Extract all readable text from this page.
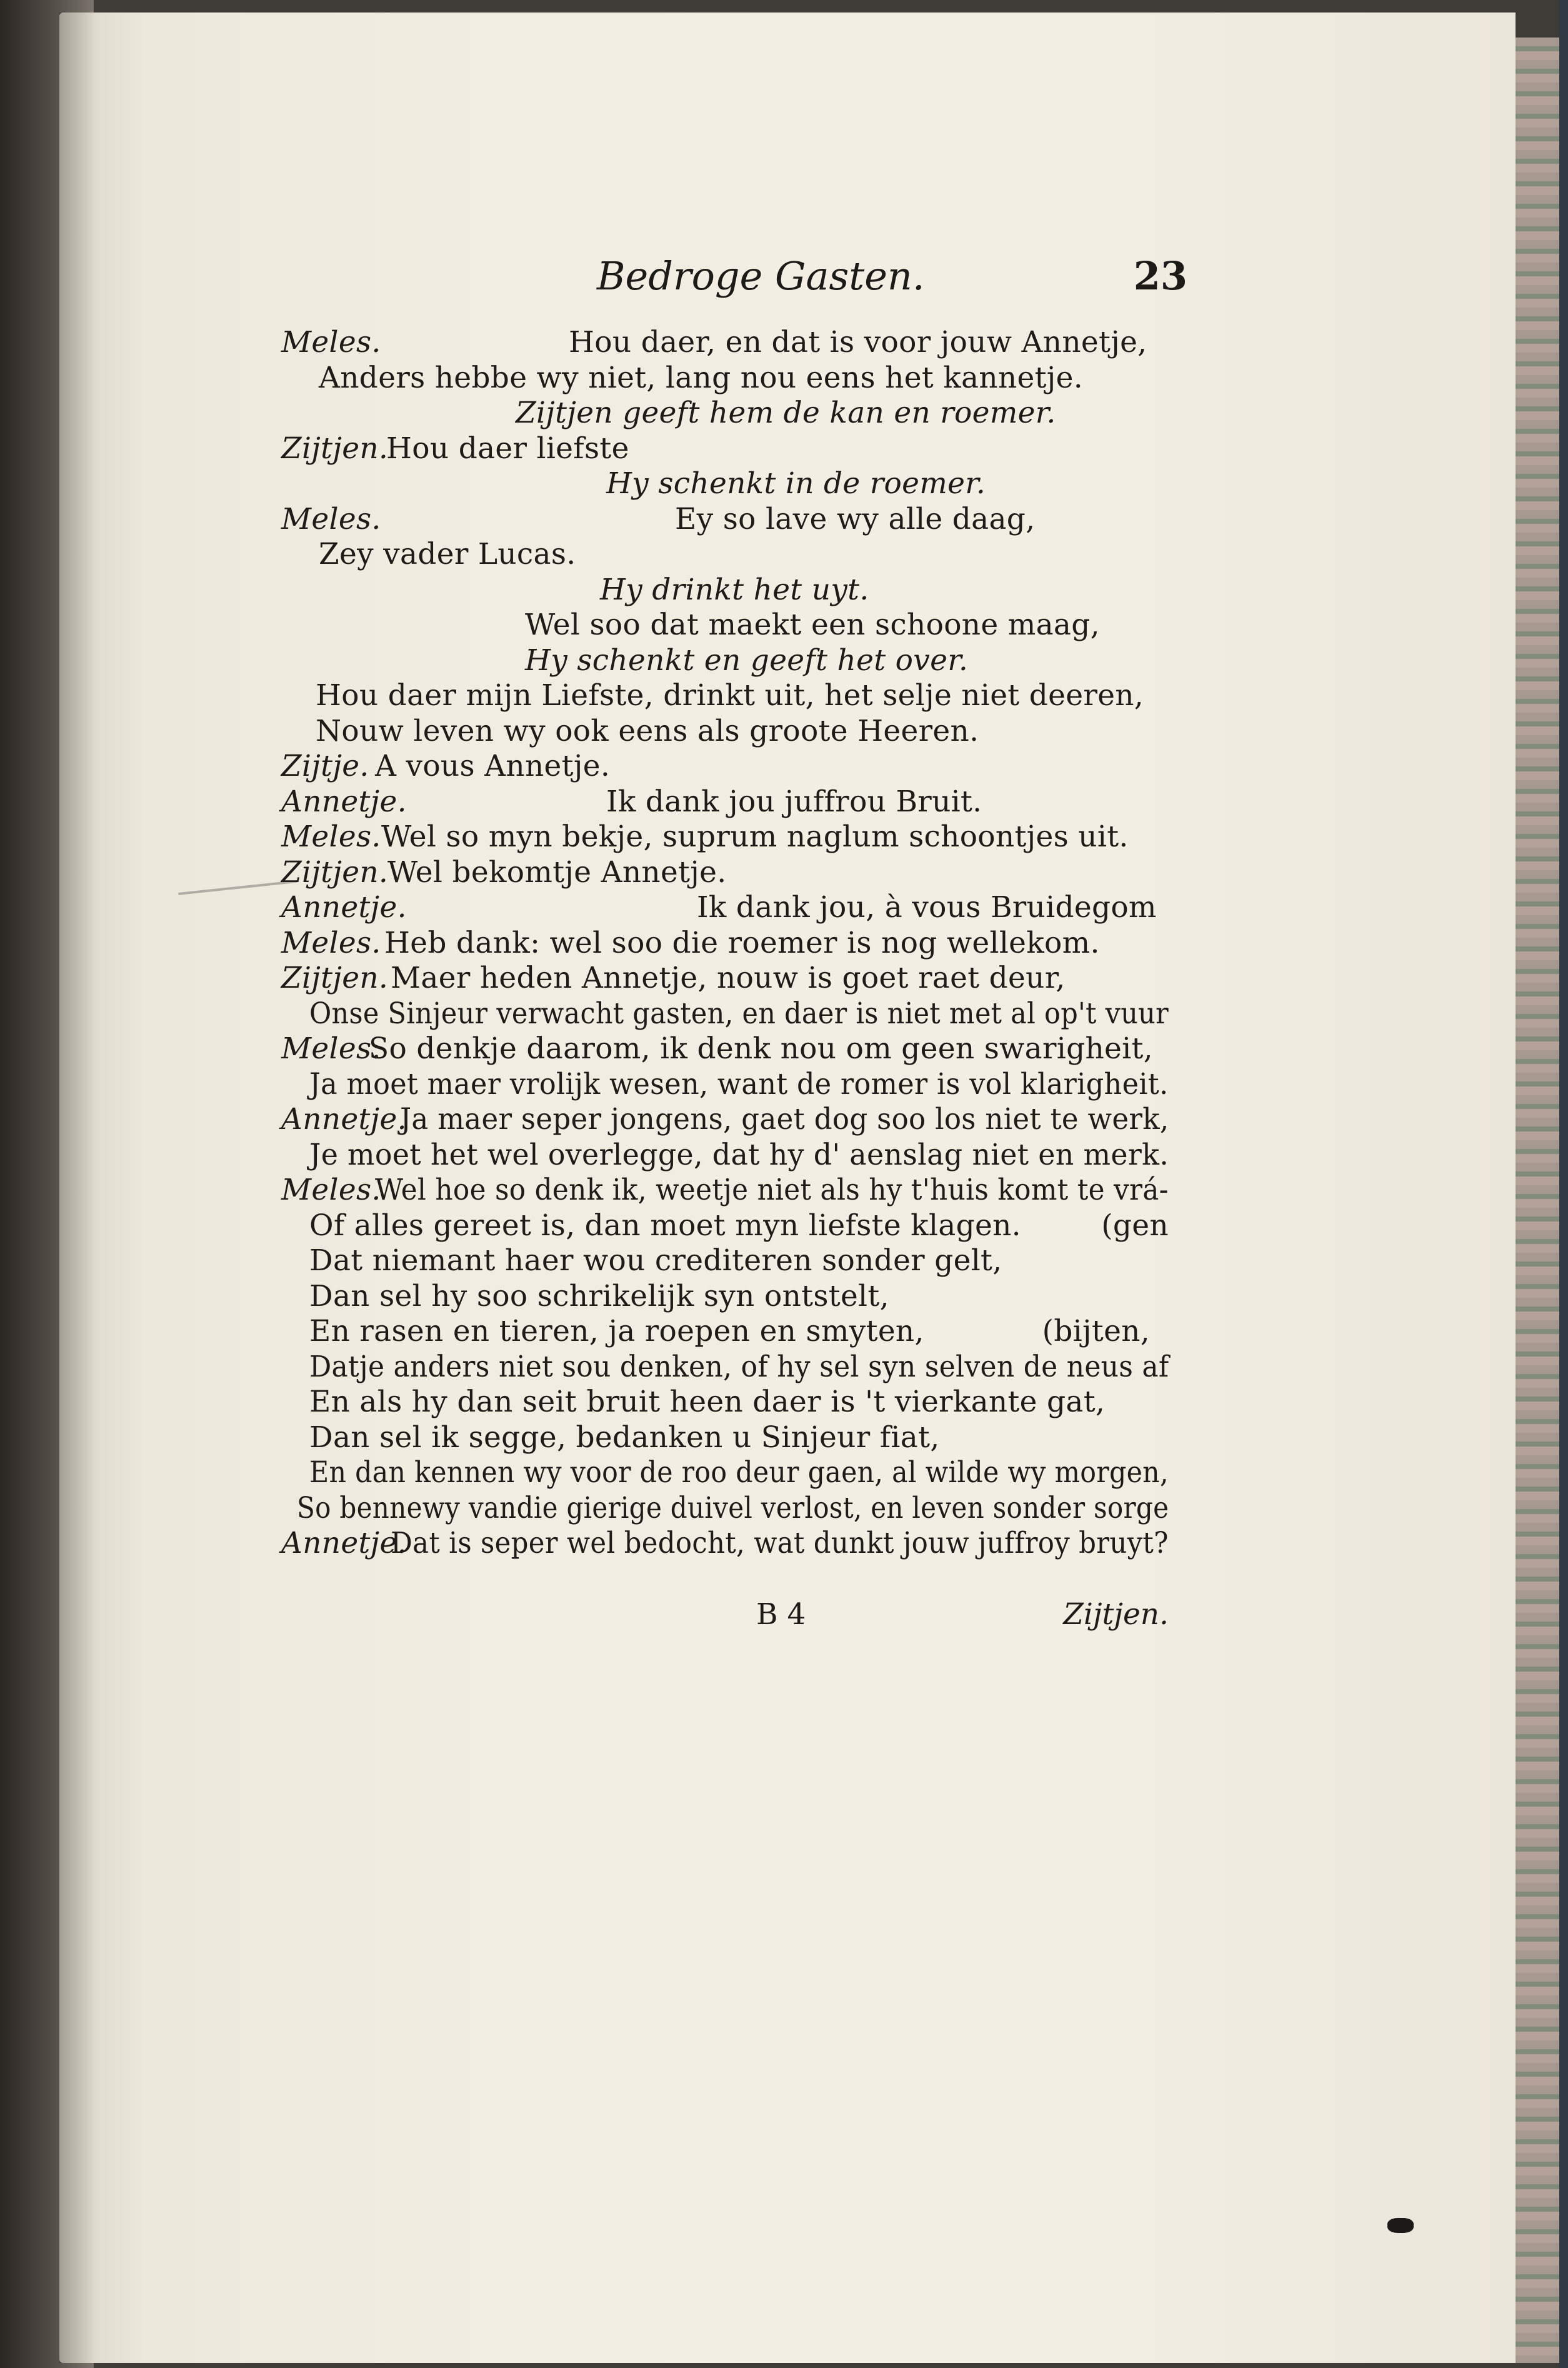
Bedroge Gasten.	23
Meles.	Hou daer, en dat is voor jouw Annetje,
Anders hebbe wy niet, lang nou eens het kannetje.
Zijtjen geeft hem de kan en roemer.
Zijtjen.
Hou daer liefste
Hy schenkt in de roemer.
Meles.	Ey so lave wy alle daag,
Zey vader Lucas.
Hy drinkt het uyt.
Wel soo dat maekt een schoone maag,
Hy schenkt en geeft het over.
Hou daer mijn Liefste, drinkt uit, het selje niet deeren,
Nouw leven wy ook eens als groote Heeren.
Zijtje. A vous Annetje.
Annetje.	Ik dank jou juffrou Bruit.
Meles. Wel so myn bekje, suprum naglum schoontjes uit.
Zijtjen.
Wel bekomtje Annetje.
Annetje.	Ik dank jou, à vous Bruidegom
Meles. Heb dank: wel soo die roemer is nog wellekom.
Zijtjen. Maer heden Annetje, nouw is goet raet deur,
Onse Sinjeur verwacht gasten, en daer is niet met al op't vuur
Meles.
So denkje daarom, ik denk nou om geen swarigheit,
Ja moet maer vrolijk wesen, want de romer is vol klarigheit.
Annetje.
Ja maer seper jongens, gaet dog soo los niet te werk,
Je moet het wel overlegge, dat hy d' aenslag niet en merk.
Meles.
Wel hoe so denk ik, weetje niet als hy t'huis komt te vrá-
Of alles gereet is, dan moet myn liefste klagen.	(gen
Dat niemant haer wou crediteren sonder gelt,
Dan sel hy soo schrikelijk syn ontstelt,
En rasen en tieren, ja roepen en smyten,	(bijten,
Datje anders niet sou denken, of hy sel syn selven de neus af
En als hy dan seit bruit heen daer is 't vierkante gat,
Dan sel ik segge, bedanken u Sinjeur fiat,
En dan kennen wy voor de roo deur gaen, al wilde wy morgen,
So bennewy vandie gierige duivel verlost, en leven sonder sorge
Annetje.
Dat is seper wel bedocht, wat dunkt jouw juffroy bruyt?
B 4	Zijtjen.
